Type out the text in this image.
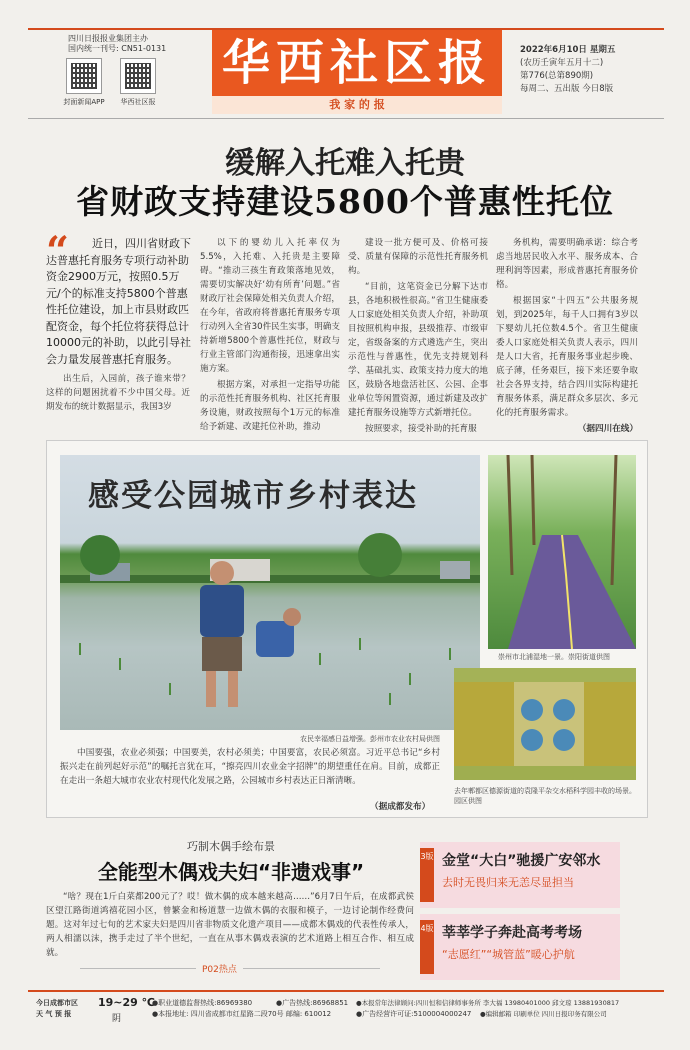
四川日报报业集团主办
国内统一刊号: CN51-0131
封面新闻APP	华西社区报
华西社区报
我 家 的 报
2022年6月10日 星期五
(农历壬寅年五月十二)
第776(总第890期)
每周二、五出版 今日8版
缓解入托难入托贵
省财政支持建设5800个普惠性托位
“	近日，四川省财政下达普惠托育服务专项行动补助资金2900万元，按照0.5万元/个的标准支持5800个普惠性托位建设，加上市县财政匹配资金，每个托位将获得总计10000元的补助，以此引导社会力量发展普惠托育服务。

出生后，入园前，孩子谁来带？这样的问题困扰着不少中国父母。近期发布的统计数据显示，我国3岁

以下的婴幼儿入托率仅为5.5%，入托难、入托贵是主要障碍。“推动三孩生育政策落地见效，需要切实解决好‘幼有所育’问题。”省财政厅社会保障处相关负责人介绍，在今年，省政府将普惠托育服务专项行动列入全省30件民生实事，明确支持新增5800个普惠性托位，财政与行业主管部门沟通衔接，迅速拿出实施方案。

根据方案，对承担一定指导功能的示范性托育服务机构、社区托育服务设施，财政按照每个1万元的标准给予新建、改建托位补助，推动

建设一批方便可及、价格可接受、质量有保障的示范性托育服务机构。

“目前，这笔资金已分解下达市县，各地积极性很高。”省卫生健康委人口家庭处相关负责人介绍，补助项目按照机构申报，县级推荐、市级审定，省级备案的方式遴选产生，突出示范性与普惠性，优先支持规划科学、基础扎实、政策支持力度大的地区，鼓励各地盘活社区、公园、企事业单位等闲置资源，通过新建及改扩建托育服务设施等方式新增托位。

按照要求，接受补助的托育服

务机构，需要明确承诺：综合考虑当地居民收入水平、服务成本、合理利润等因素，形成普惠托育服务价格。

根据国家“十四五”公共服务规划，到2025年，每千人口拥有3岁以下婴幼儿托位数4.5个。省卫生健康委人口家庭处相关负责人表示，四川是人口大省，托育服务事业起步晚、底子薄，任务艰巨，接下来还要争取社会各界支持，结合四川实际构建托育服务体系，满足群众多层次、多元化的托育服务需求。

（据四川在线）
感受公园城市乡村表达
农民幸福感日益增强。彭州市农业农村局供图
崇州市北浦湿地一景。崇阳街道供图
去年郫都区德源街道的袁隆平杂交水稻科学园丰收的场景。园区供图
中国要强，农业必须强；中国要美，农村必须美；中国要富，农民必须富。习近平总书记“乡村振兴走在前列起好示范”的嘱托言犹在耳，“擦亮四川农业金字招牌”的期望重任在肩。目前，成都正在走出一条超大城市农业农村现代化发展之路，公园城市乡村表达正日渐清晰。
（据成都发布）
巧制木偶手绘布景
全能型木偶戏夫妇“非遗戏事”
“啥？现在1斤白菜都200元了？哎！做木偶的成本越来越高……”6月7日午后，在成都武侯区望江路街道鸿禧花园小区，曾繁金和杨道慧一边做木偶的衣服和模子，一边讨论制作经费问题。这对年过七旬的艺术家夫妇是四川省非物质文化遗产项目——成都木偶戏的代表性传承人，两人相濡以沫，携手走过了半个世纪，一直在从事木偶戏表演的艺术道路上相互合作、相互成就。
P02热点
3版 金堂“大白”驰援广安邻水
去时无畏归来无恙尽显担当
4版 莘莘学子奔赴高考考场
“志愿红”“城管蓝”暖心护航
今日成都市区
天 气 预 报
19~29 ℃
阴
●职业道德监督热线:86969380
●本报地址: 四川省成都市红星路二段70号 邮编: 610012
●广告热线:86968851
●广告经营许可证:5100004000247
●本报常年法律顾问:四川恒和信律师事务所 李大福 13980401000 邱文琼 13881930817
●编辑邮箱 印刷单位 四川日报印务有限公司
